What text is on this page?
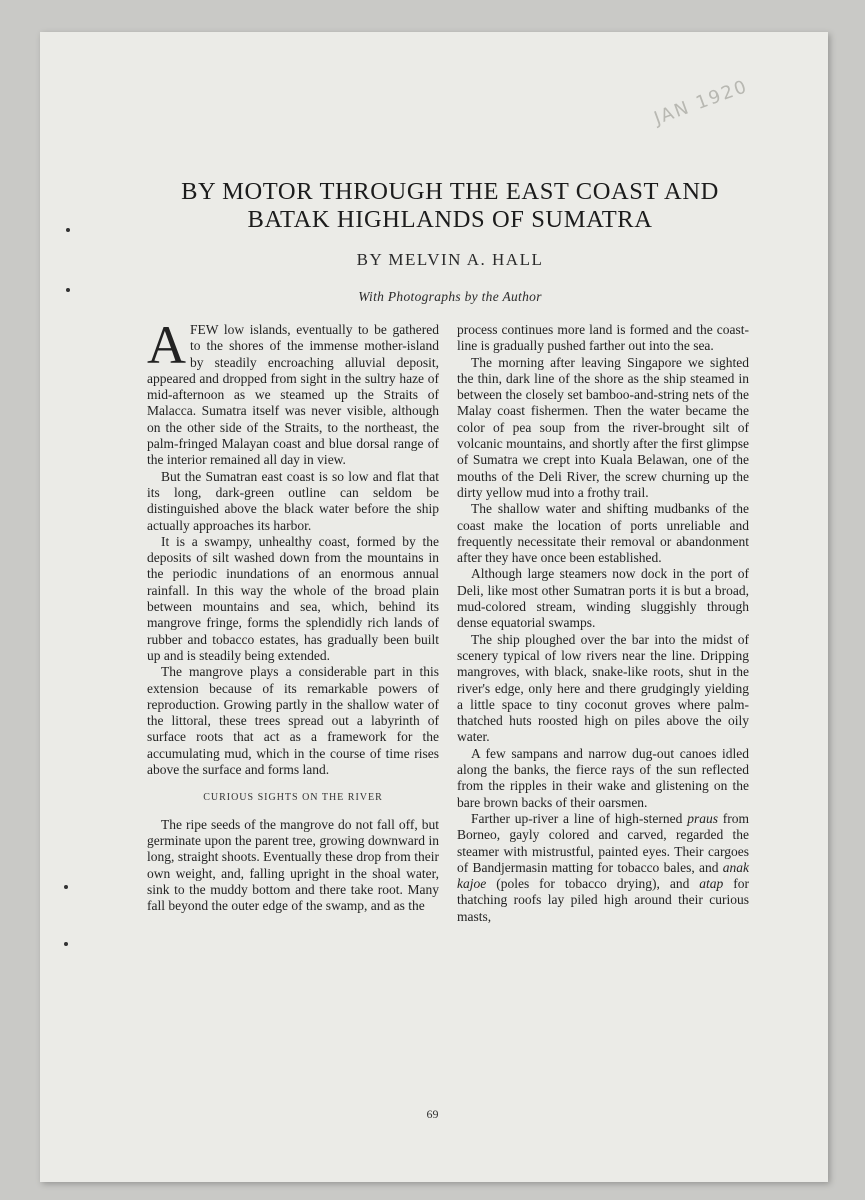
JAN 1920
BY MOTOR THROUGH THE EAST COAST AND
BATAK HIGHLANDS OF SUMATRA
BY MELVIN A. HALL
With Photographs by the Author

AFEW low islands, eventually to be gathered to the shores of the immense mother-island by steadily encroaching alluvial deposit, appeared and dropped from sight in the sultry haze of mid-afternoon as we steamed up the Straits of Malacca. Sumatra itself was never visible, although on the other side of the Straits, to the northeast, the palm-fringed Malayan coast and blue dorsal range of the interior remained all day in view.

But the Sumatran east coast is so low and flat that its long, dark-green outline can seldom be distinguished above the black water before the ship actually approaches its harbor.

It is a swampy, unhealthy coast, formed by the deposits of silt washed down from the mountains in the periodic inundations of an enormous annual rainfall. In this way the whole of the broad plain between mountains and sea, which, behind its mangrove fringe, forms the splendidly rich lands of rubber and tobacco estates, has gradually been built up and is steadily being extended.

The mangrove plays a considerable part in this extension because of its remarkable powers of reproduction. Growing partly in the shallow water of the littoral, these trees spread out a labyrinth of surface roots that act as a framework for the accumulating mud, which in the course of time rises above the surface and forms land.

CURIOUS SIGHTS ON THE RIVER

The ripe seeds of the mangrove do not fall off, but germinate upon the parent tree, growing downward in long, straight shoots. Eventually these drop from their own weight, and, falling upright in the shoal water, sink to the muddy bottom and there take root. Many fall beyond the outer edge of the swamp, and as the

process continues more land is formed and the coast-line is gradually pushed farther out into the sea.

The morning after leaving Singapore we sighted the thin, dark line of the shore as the ship steamed in between the closely set bamboo-and-string nets of the Malay coast fishermen. Then the water became the color of pea soup from the river-brought silt of volcanic mountains, and shortly after the first glimpse of Sumatra we crept into Kuala Belawan, one of the mouths of the Deli River, the screw churning up the dirty yellow mud into a frothy trail.

The shallow water and shifting mudbanks of the coast make the location of ports unreliable and frequently necessitate their removal or abandonment after they have once been established.

Although large steamers now dock in the port of Deli, like most other Sumatran ports it is but a broad, mud-colored stream, winding sluggishly through dense equatorial swamps.

The ship ploughed over the bar into the midst of scenery typical of low rivers near the line. Dripping mangroves, with black, snake-like roots, shut in the river's edge, only here and there grudgingly yielding a little space to tiny coconut groves where palm-thatched huts roosted high on piles above the oily water.

A few sampans and narrow dug-out canoes idled along the banks, the fierce rays of the sun reflected from the ripples in their wake and glistening on the bare brown backs of their oarsmen.

Farther up-river a line of high-sterned praus from Borneo, gayly colored and carved, regarded the steamer with mistrustful, painted eyes. Their cargoes of Bandjermasin matting for tobacco bales, and anak kajoe (poles for tobacco drying), and atap for thatching roofs lay piled high around their curious masts,

69
